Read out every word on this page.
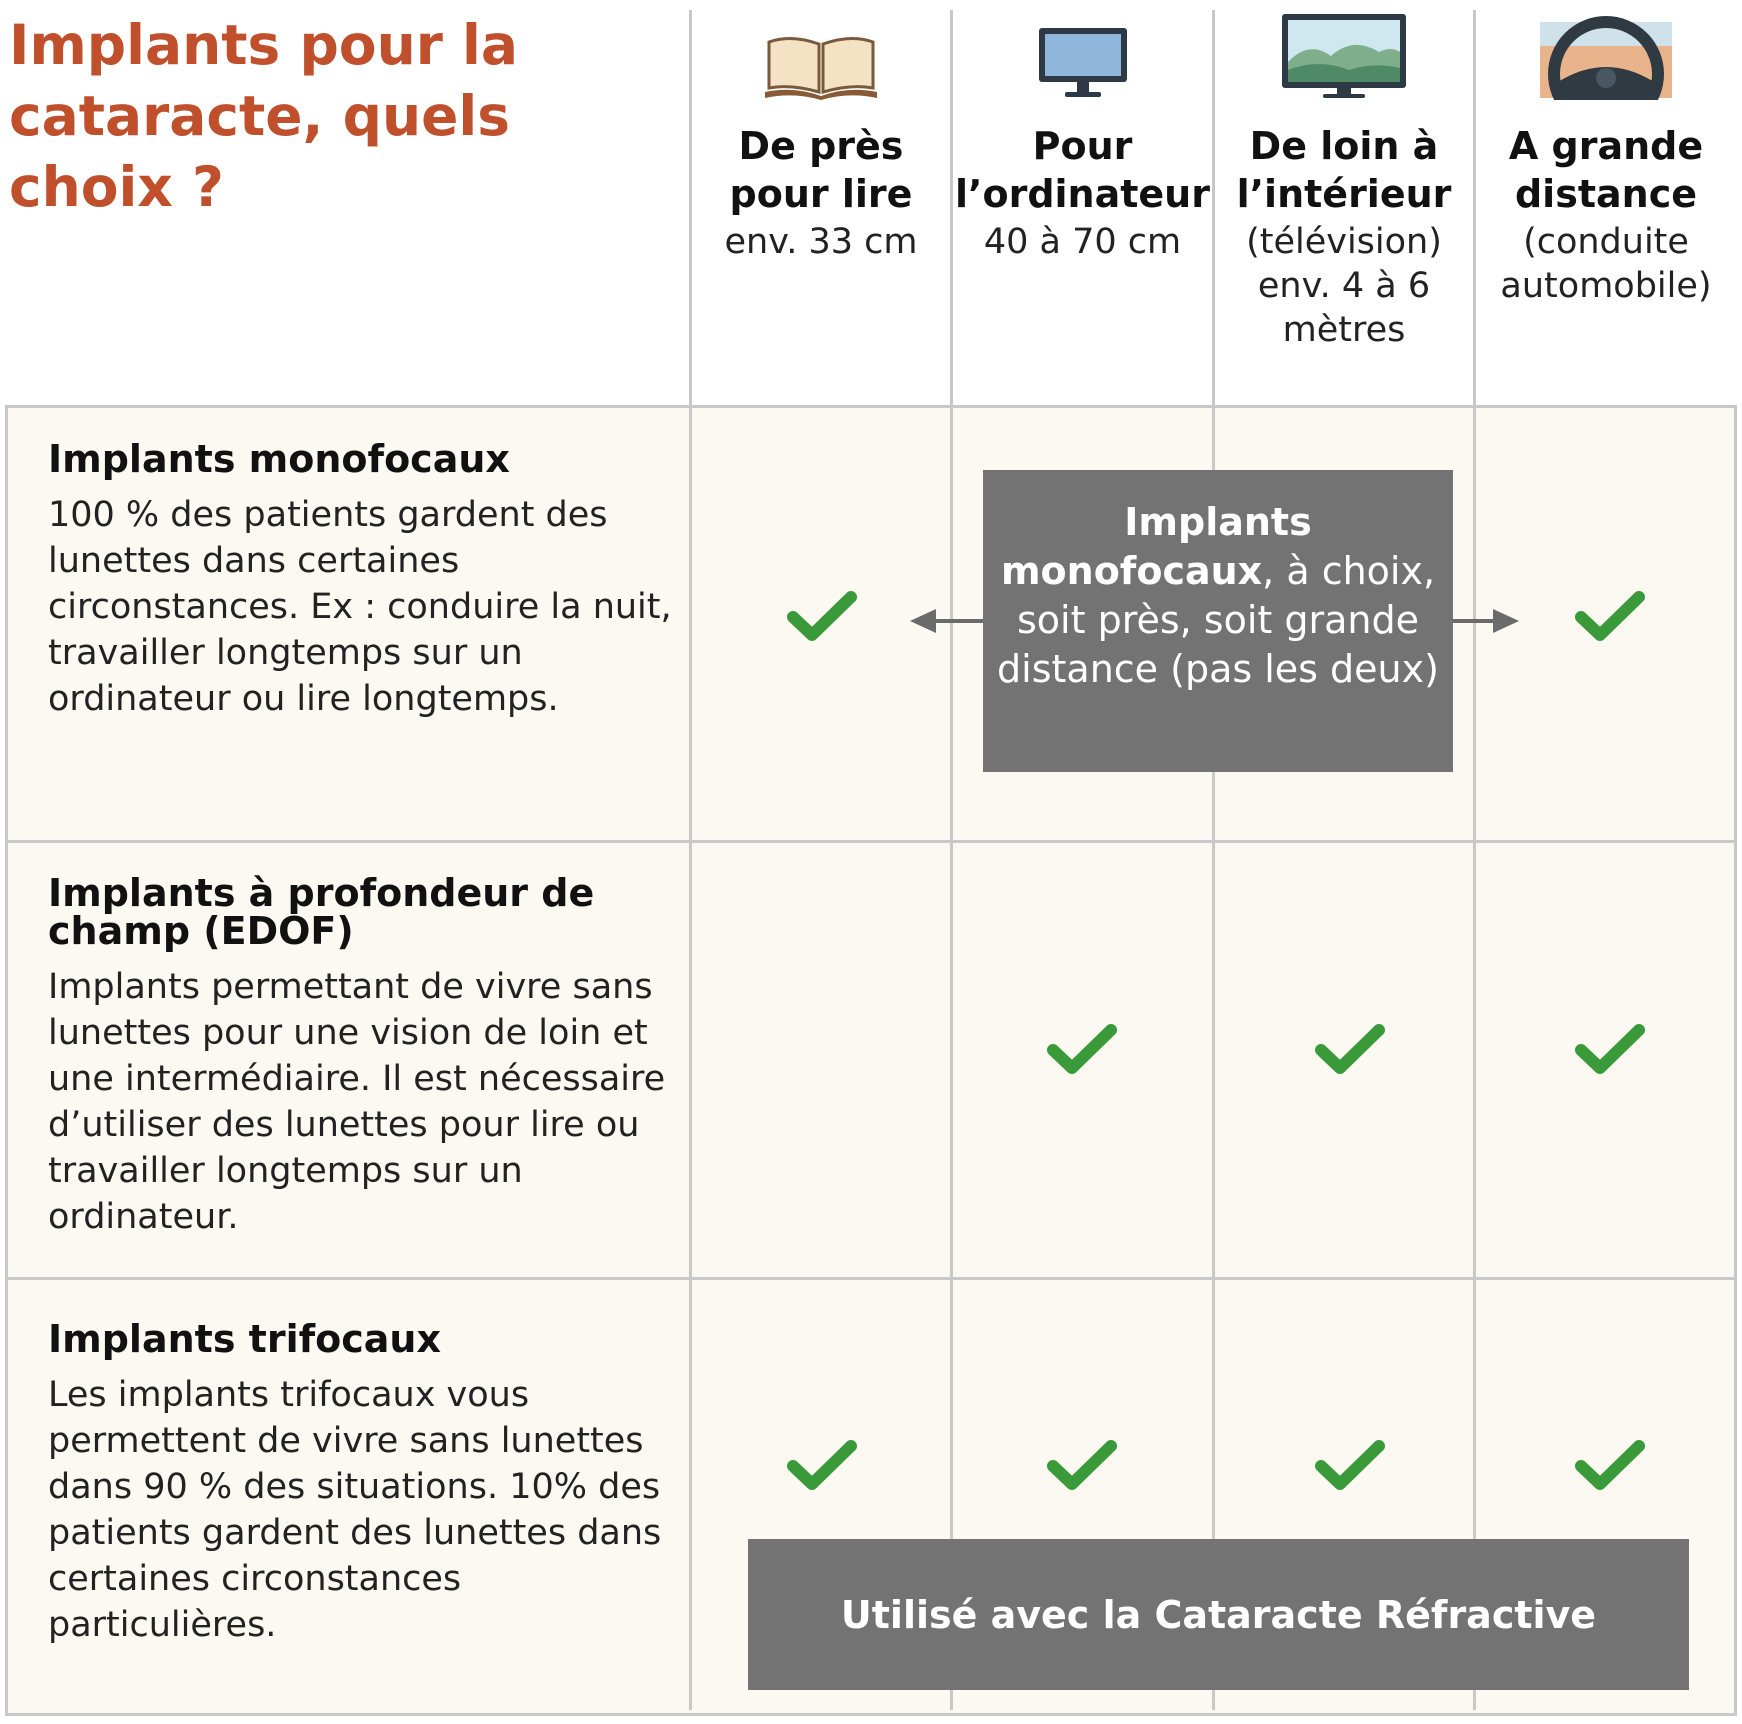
Implants pour la cataracte, quels choix ?
De près pour lire
env. 33 cm
Pour l’ordinateur
40 à 70 cm
De loin à l’intérieur
(télévision) env. 4 à 6 mètres
A grande distance
(conduite automobile)

Implants monofocaux

100 % des patients gardent des lunettes dans certaines circonstances. Ex : conduire la nuit, travailler longtemps sur un ordinateur ou lire longtemps.

Implants à profondeur de champ (EDOF)

Implants permettant de vivre sans lunettes pour une vision de loin et une intermédiaire. Il est nécessaire d’utiliser des lunettes pour lire ou travailler longtemps sur un ordinateur.

Implants trifocaux

Les implants trifocaux vous permettent de vivre sans lunettes dans 90 % des situations. 10% des patients gardent des lunettes dans certaines circonstances particulières.
Implants monofocaux, à choix, soit près, soit grande distance (pas les deux)
Utilisé avec la Cataracte Réfractive
